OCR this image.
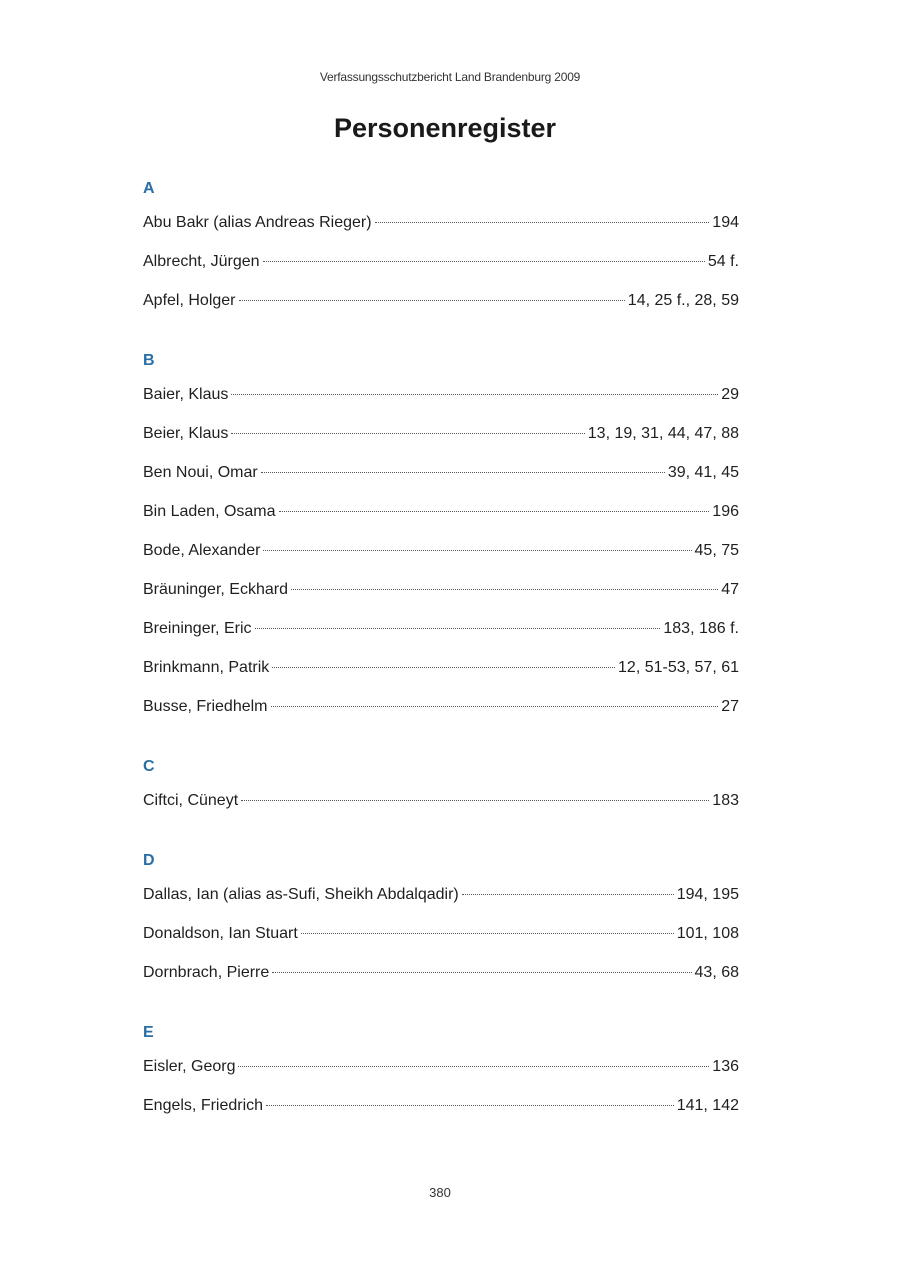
Verfassungsschutzbericht Land Brandenburg 2009
Personenregister
A
Abu Bakr (alias Andreas Rieger)	194
Albrecht, Jürgen	54 f.
Apfel, Holger	14, 25 f., 28, 59
B
Baier, Klaus	29
Beier, Klaus	13, 19, 31, 44, 47, 88
Ben Noui, Omar	39, 41, 45
Bin Laden, Osama	196
Bode, Alexander	45, 75
Bräuninger, Eckhard	47
Breininger, Eric	183, 186 f.
Brinkmann, Patrik	12, 51-53, 57, 61
Busse, Friedhelm	27
C
Ciftci, Cüneyt	183
D
Dallas, Ian (alias as-Sufi, Sheikh Abdalqadir)	194, 195
Donaldson, Ian Stuart	101, 108
Dornbrach, Pierre	43, 68
E
Eisler, Georg	136
Engels, Friedrich	141, 142
380
